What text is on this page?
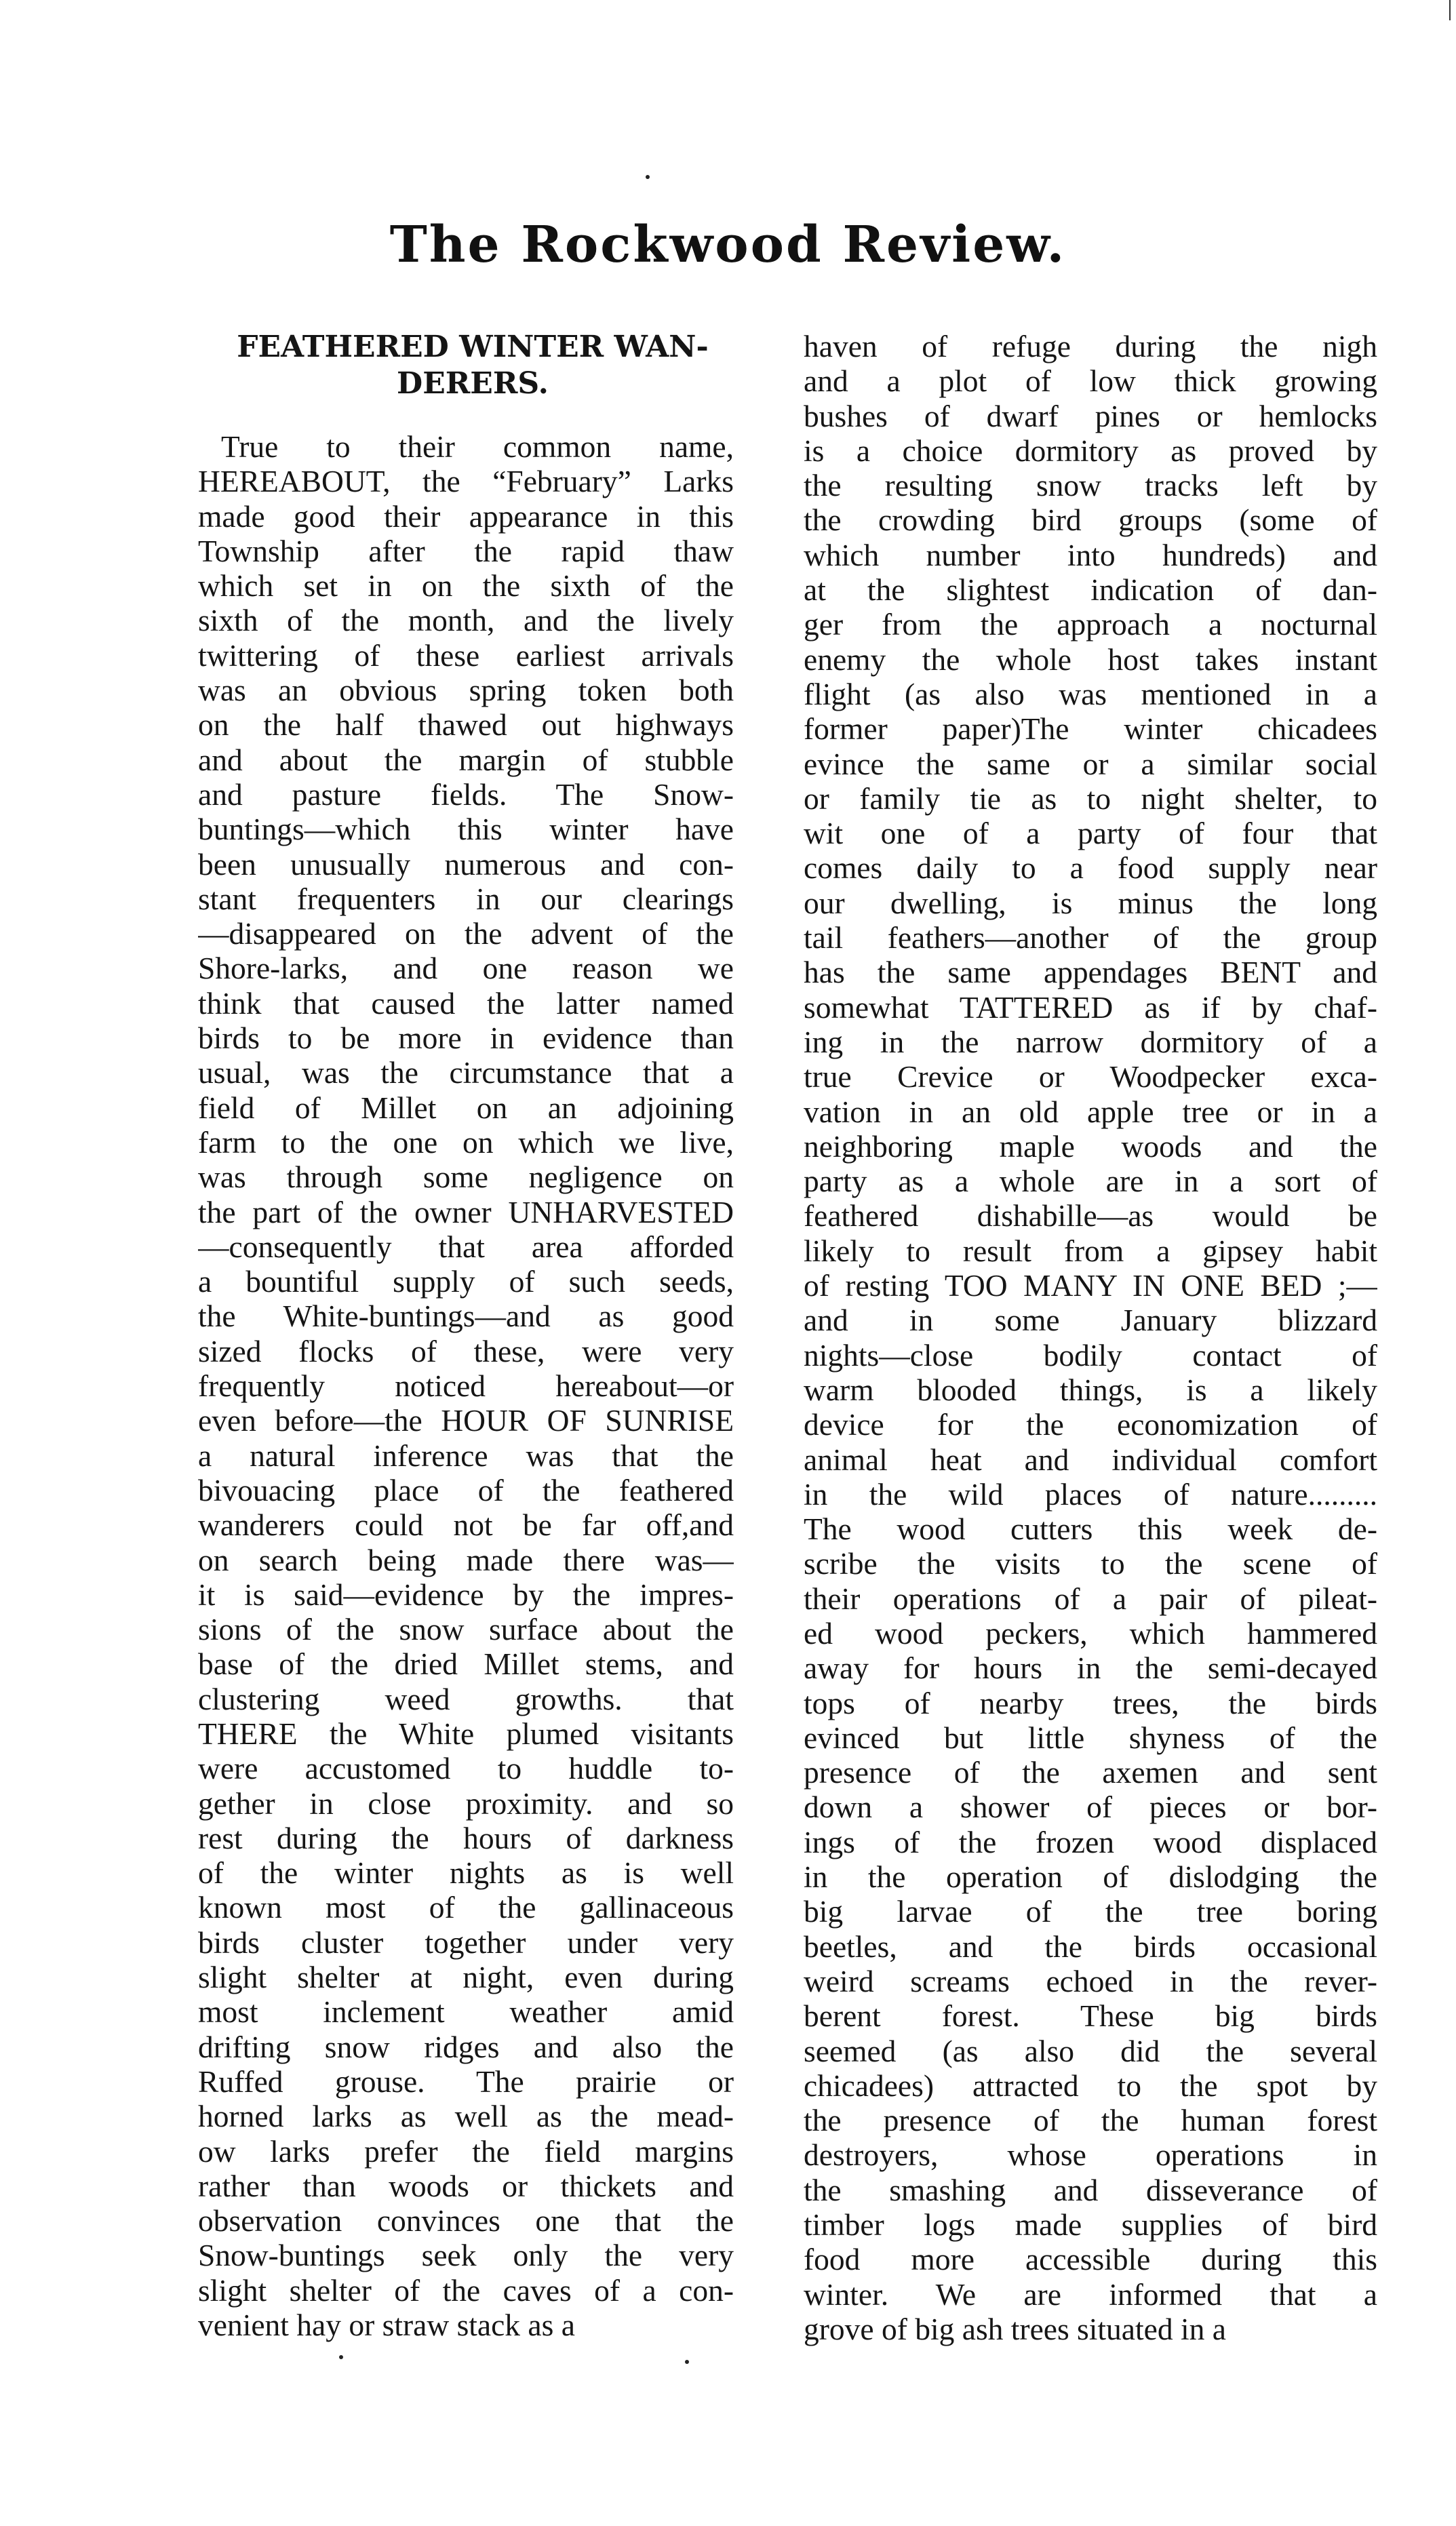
The Rockwood Review.
FEATHERED WINTER WAN-
DERERS.
True to their common name,
HEREABOUT, the “February” Larks
made good their appearance in this
Township after the rapid thaw
which set in on the sixth of the
sixth of the month, and the lively
twittering of these earliest arrivals
was an obvious spring token both
on the half thawed out highways
and about the margin of stubble
and pasture fields. The Snow-
buntings—which this winter have
been unusually numerous and con-
stant frequenters in our clearings
—disappeared on the advent of the
Shore-larks, and one reason we
think that caused the latter named
birds to be more in evidence than
usual, was the circumstance that a
field of Millet on an adjoining
farm to the one on which we live,
was through some negligence on
the part of the owner UNHARVESTED
—consequently that area afforded
a bountiful supply of such seeds,
the White-buntings—and as good
sized flocks of these, were very
frequently noticed hereabout—or
even before—the HOUR OF SUNRISE
a natural inference was that the
bivouacing place of the feathered
wanderers could not be far off,and
on search being made there was—
it is said—evidence by the impres-
sions of the snow surface about the
base of the dried Millet stems, and
clustering weed growths. that
THERE the White plumed visitants
were accustomed to huddle to-
gether in close proximity. and so
rest during the hours of darkness
of the winter nights as is well
known most of the gallinaceous
birds cluster together under very
slight shelter at night, even during
most inclement weather amid
drifting snow ridges and also the
Ruffed grouse. The prairie or
horned larks as well as the mead-
ow larks prefer the field margins
rather than woods or thickets and
observation convinces one that the
Snow-buntings seek only the very
slight shelter of the caves of a con-
venient hay or straw stack as a
haven of refuge during the nigh
and a plot of low thick growing
bushes of dwarf pines or hemlocks
is a choice dormitory as proved by
the resulting snow tracks left by
the crowding bird groups (some of
which number into hundreds) and
at the slightest indication of dan-
ger from the approach a nocturnal
enemy the whole host takes instant
flight (as also was mentioned in a
former paper)The winter chicadees
evince the same or a similar social
or family tie as to night shelter, to
wit one of a party of four that
comes daily to a food supply near
our dwelling, is minus the long
tail feathers—another of the group
has the same appendages BENT and
somewhat TATTERED as if by chaf-
ing in the narrow dormitory of a
true Crevice or Woodpecker exca-
vation in an old apple tree or in a
neighboring maple woods and the
party as a whole are in a sort of
feathered dishabille—as would be
likely to result from a gipsey habit
of resting TOO MANY IN ONE BED ;—
and in some January blizzard
nights—close bodily contact of
warm blooded things, is a likely
device for the economization of
animal heat and individual comfort
in the wild places of nature.........
The wood cutters this week de-
scribe the visits to the scene of
their operations of a pair of pileat-
ed wood peckers, which hammered
away for hours in the semi-decayed
tops of nearby trees, the birds
evinced but little shyness of the
presence of the axemen and sent
down a shower of pieces or bor-
ings of the frozen wood displaced
in the operation of dislodging the
big larvae of the tree boring
beetles, and the birds occasional
weird screams echoed in the rever-
berent forest. These big birds
seemed (as also did the several
chicadees) attracted to the spot by
the presence of the human forest
destroyers, whose operations in
the smashing and disseverance of
timber logs made supplies of bird
food more accessible during this
winter. We are informed that a
grove of big ash trees situated in a
